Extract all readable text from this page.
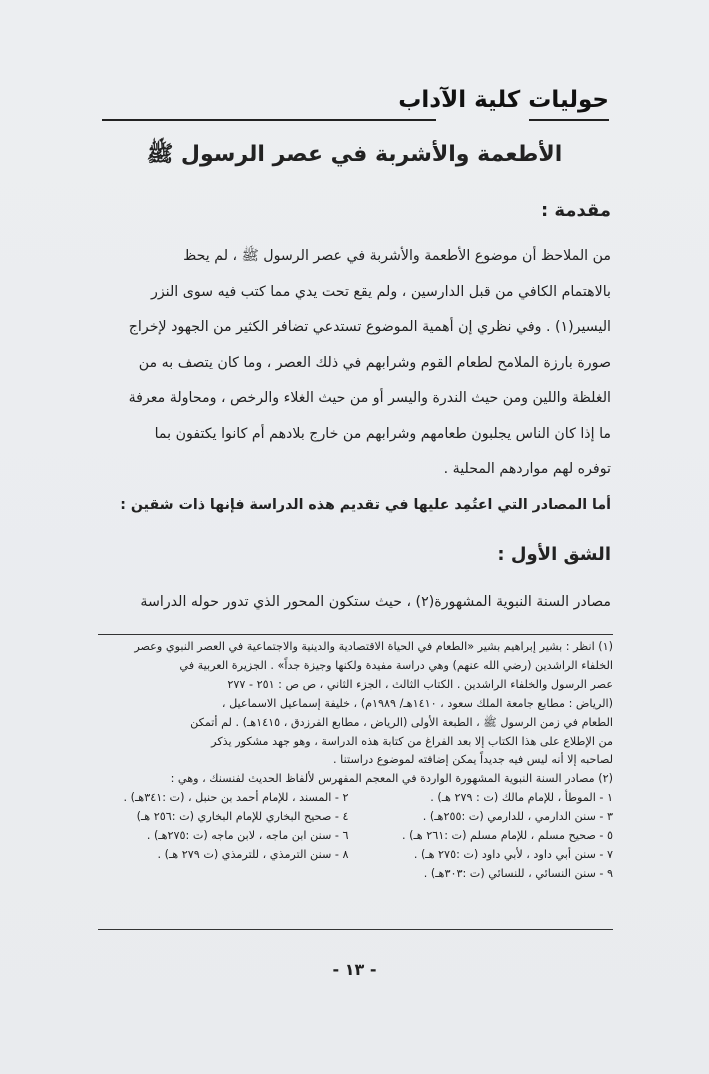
حوليات كلية الآداب
الأطعمة والأشربة في عصر الرسول ﷺ
مقدمة :
من الملاحظ أن موضوع الأطعمة والأشربة في عصر الرسول ﷺ ، لم يحظ
بالاهتمام الكافي من قبل الدارسين ، ولم يقع تحت يدي مما كتب فيه سوى النزر
اليسير(١) . وفي نظري إن أهمية الموضوع تستدعي تضافر الكثير من الجهود لإخراج
صورة بارزة الملامح لطعام القوم وشرابهم في ذلك العصر ، وما كان يتصف به من
الغلظة واللين ومن حيث الندرة واليسر أو من حيث الغلاء والرخص ، ومحاولة معرفة
ما إذا كان الناس يجلبون طعامهم وشرابهم من خارج بلادهم أم كانوا يكتفون بما
توفره لهم مواردهم المحلية .
أما المصادر التي اعتُمِد عليها في تقديم هذه الدراسة فإنها ذات شقين :
الشق الأول :
مصادر السنة النبوية المشهورة(٢) ، حيث ستكون المحور الذي تدور حوله الدراسة
(١) انظر : بشير إبراهيم بشير «الطعام في الحياة الاقتصادية والدينية والاجتماعية في العصر النبوي وعصر
الخلفاء الراشدين (رضي الله عنهم) وهي دراسة مفيدة ولكنها وجيزة جداً» . الجزيرة العربية في
عصر الرسول والخلفاء الراشدين . الكتاب الثالث ، الجزء الثاني ، ص ص : ٢٥١ - ٢٧٧
(الرياض : مطابع جامعة الملك سعود ، ١٤١٠هـ/ ١٩٨٩م) ، خليفة إسماعيل الاسماعيل ،
الطعام في زمن الرسول ﷺ ، الطبعة الأولى (الرياض ، مطابع الفرزدق ، ١٤١٥هـ) . لم أتمكن
من الإطلاع على هذا الكتاب إلا بعد الفراغ من كتابة هذه الدراسة ، وهو جهد مشكور يذكر
لصاحبه إلا أنه ليس فيه جديداً يمكن إضافته لموضوع دراستنا .
(٢) مصادر السنة النبوية المشهورة الواردة في المعجم المفهرس لألفاظ الحديث لفنسنك ، وهي :
١ - الموطأ ، للإمام مالك (ت : ٢٧٩ هـ) .
٢ - المسند ، للإمام أحمد بن حنبل ، (ت :٣٤١هـ) .
٣ - سنن الدارمي ، للدارمي (ت :٢٥٥هـ) .
٤ - صحيح البخاري للإمام البخاري (ت :٢٥٦ هـ)
٥ - صحيح مسلم ، للإمام مسلم (ت :٢٦١ هـ) .
٦ - سنن ابن ماجه ، لابن ماجه (ت :٢٧٥هـ) .
٧ - سنن أبي داود ، لأبي داود (ت :٢٧٥ هـ) .
٨ - سنن الترمذي ، للترمذي (ت ٢٧٩ هـ) .
٩ - سنن النسائي ، للنسائي (ت :٣٠٣هـ) .
- ١٣ -
